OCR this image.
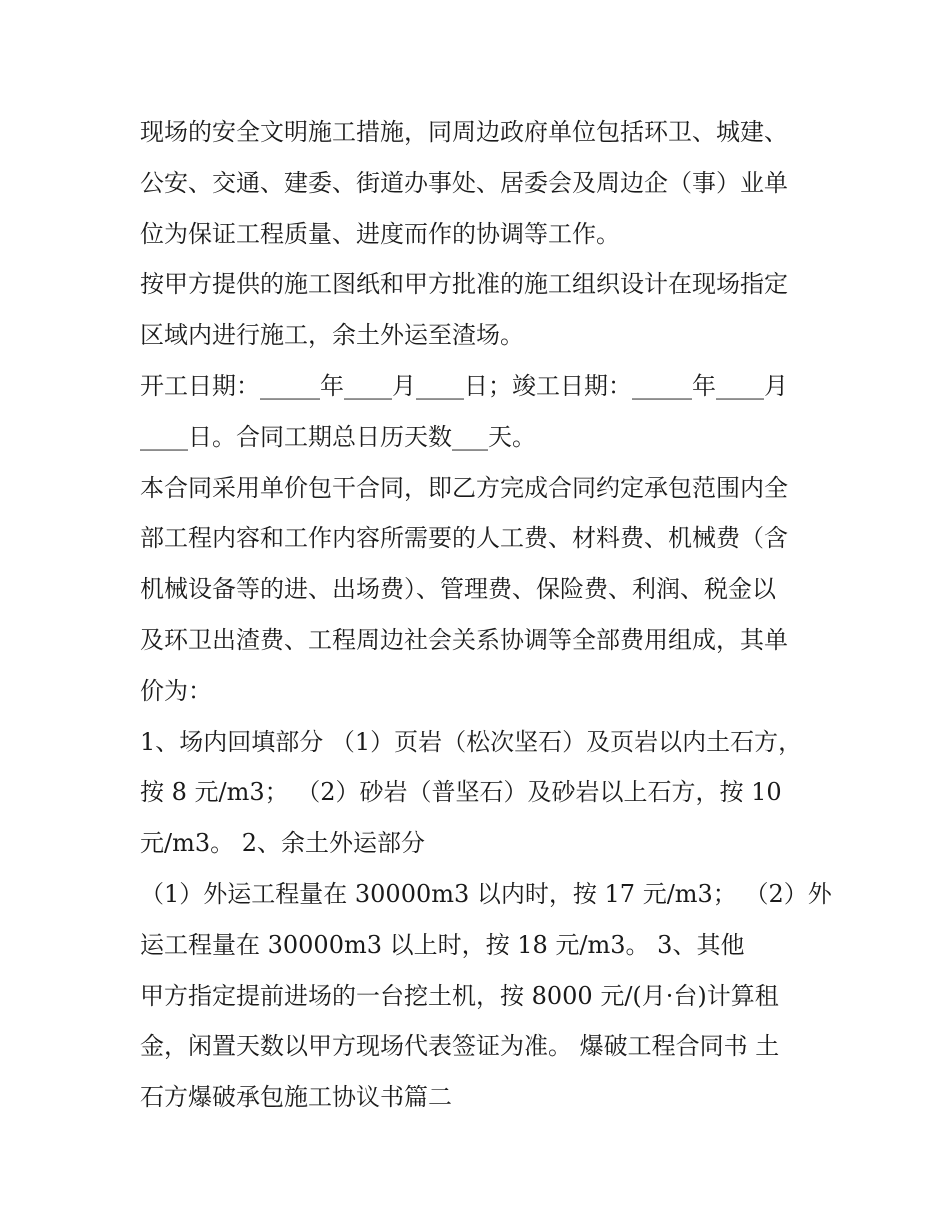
现场的安全文明施工措施，同周边政府单位包括环卫、城建、
公安、交通、建委、街道办事处、居委会及周边企（事）业单
位为保证工程质量、进度而作的协调等工作。
按甲方提供的施工图纸和甲方批准的施工组织设计在现场指定
区域内进行施工，余土外运至渣场。
开工日期：_____年____月____日；竣工日期：_____年____月
____日。合同工期总日历天数___天。
本合同采用单价包干合同，即乙方完成合同约定承包范围内全
部工程内容和工作内容所需要的人工费、材料费、机械费（含
机械设备等的进、出场费）、管理费、保险费、利润、税金以
及环卫出渣费、工程周边社会关系协调等全部费用组成，其单
价为：
1、场内回填部分 （1）页岩（松次坚石）及页岩以内土石方，
按 8 元/m3； （2）砂岩（普坚石）及砂岩以上石方，按 10
元/m3。 2、余土外运部分
（1）外运工程量在 30000m3 以内时，按 17 元/m3； （2）外
运工程量在 30000m3 以上时，按 18 元/m3。 3、其他
甲方指定提前进场的一台挖土机，按 8000 元/(月·台)计算租
金，闲置天数以甲方现场代表签证为准。 爆破工程合同书 土
石方爆破承包施工协议书篇二
